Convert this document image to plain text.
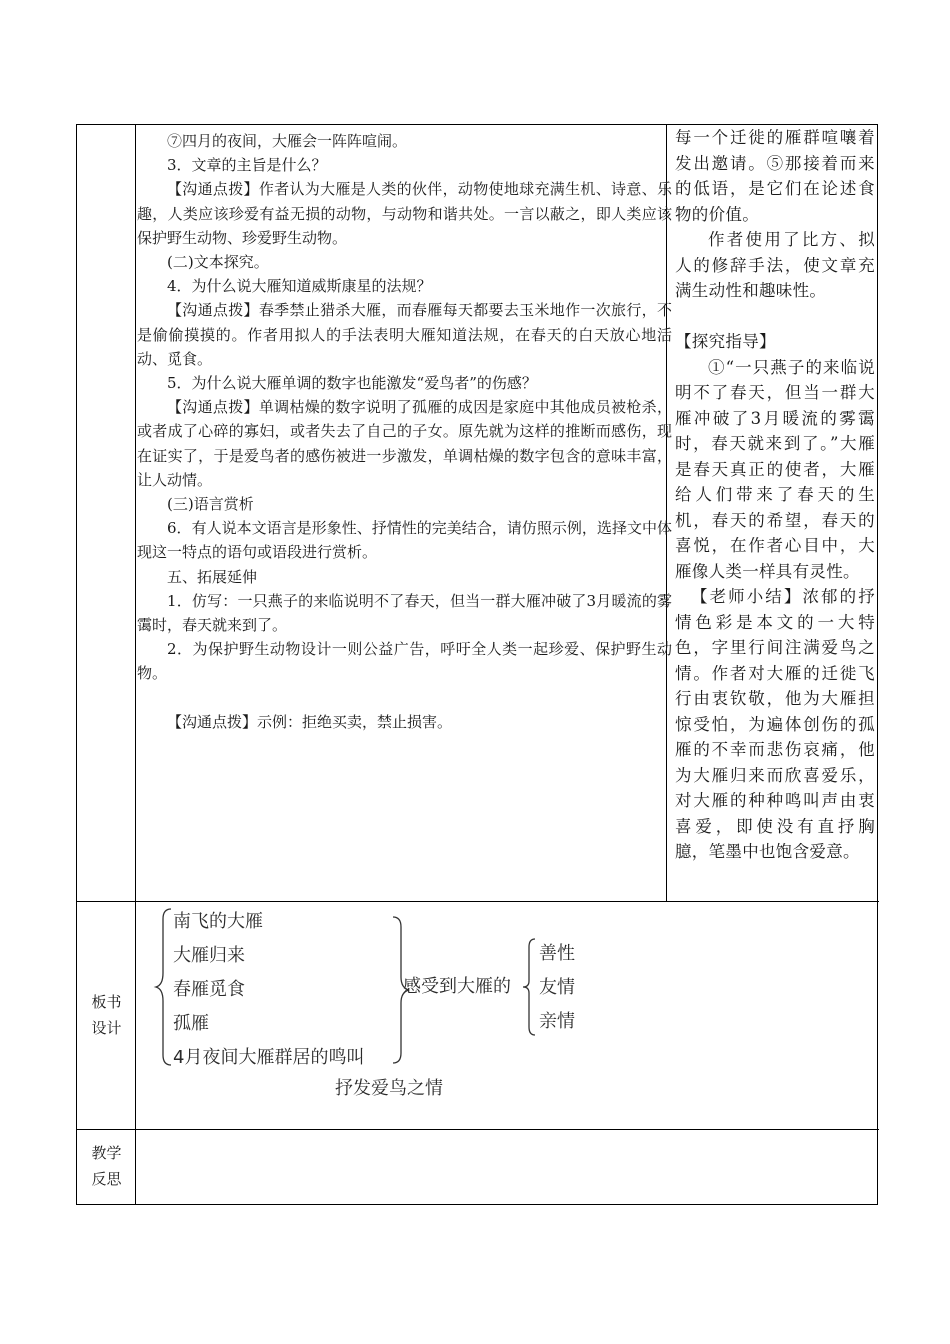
⑦四月的夜间，大雁会一阵阵喧闹。

3．文章的主旨是什么？

【沟通点拨】作者认为大雁是人类的伙伴，动物使地球充满生机、诗意、乐趣，人类应该珍爱有益无损的动物，与动物和谐共处。一言以蔽之，即人类应该保护野生动物、珍爱野生动物。

(二)文本探究。

4．为什么说大雁知道威斯康星的法规？

【沟通点拨】春季禁止猎杀大雁，而春雁每天都要去玉米地作一次旅行，不是偷偷摸摸的。作者用拟人的手法表明大雁知道法规，在春天的白天放心地活动、觅食。

5．为什么说大雁单调的数字也能激发“爱鸟者”的伤感？

【沟通点拨】单调枯燥的数字说明了孤雁的成因是家庭中其他成员被枪杀，或者成了心碎的寡妇，或者失去了自己的子女。原先就为这样的推断而感伤，现在证实了，于是爱鸟者的感伤被进一步激发，单调枯燥的数字包含的意味丰富，让人动情。

(三)语言赏析

6．有人说本文语言是形象性、抒情性的完美结合，请仿照示例，选择文中体现这一特点的语句或语段进行赏析。

五、拓展延伸

1．仿写：一只燕子的来临说明不了春天，但当一群大雁冲破了3月暖流的雾霭时，春天就来到了。

2．为保护野生动物设计一则公益广告，呼吁全人类一起珍爱、保护野生动物。

【沟通点拨】示例：拒绝买卖，禁止损害。

每一个迁徙的雁群喧嚷着发出邀请。⑤那接着而来的低语，是它们在论述食物的价值。

作者使用了比方、拟人的修辞手法，使文章充满生动性和趣味性。

【探究指导】

①“一只燕子的来临说明不了春天，但当一群大雁冲破了3月暖流的雾霭时，春天就来到了。”大雁是春天真正的使者，大雁给人们带来了春天的生机，春天的希望，春天的喜悦，在作者心目中，大雁像人类一样具有灵性。

【老师小结】浓郁的抒情色彩是本文的一大特色，字里行间注满爱鸟之情。作者对大雁的迁徙飞行由衷钦敬，他为大雁担惊受怕，为遍体创伤的孤雁的不幸而悲伤哀痛，他为大雁归来而欣喜爱乐，对大雁的种种鸣叫声由衷喜爱，即使没有直抒胸臆，笔墨中也饱含爱意。

板书
设计
教学
反思
南飞的大雁
大雁归来
春雁觅食
孤雁
4月夜间大雁群居的鸣叫
感受到大雁的
善性
友情
亲情
抒发爱鸟之情
